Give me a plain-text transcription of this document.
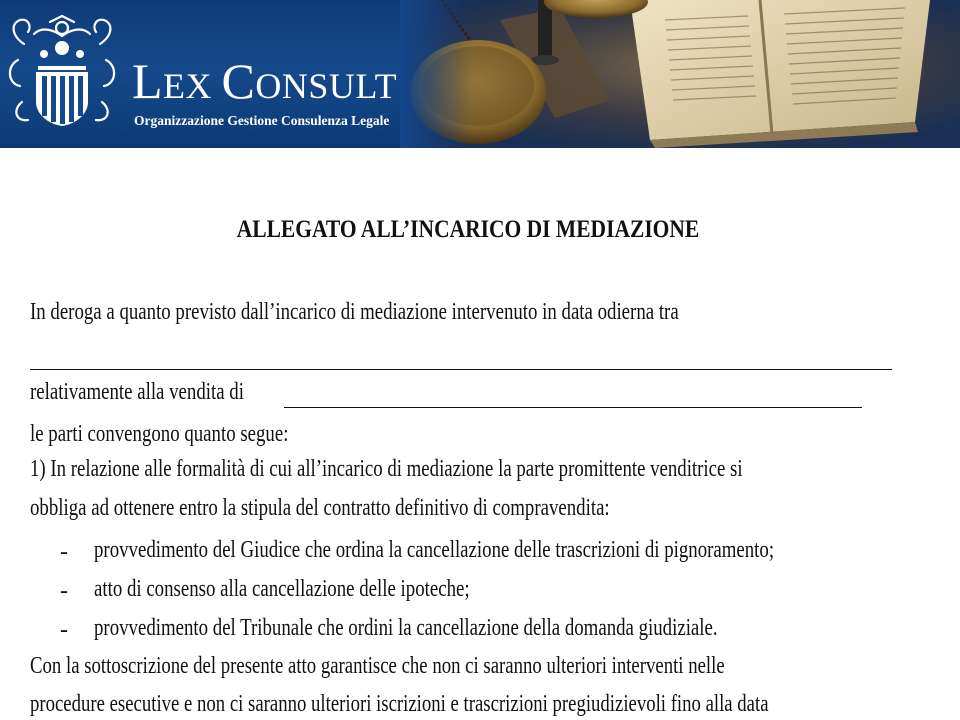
LEX CONSULT
Organizzazione Gestione Consulenza Legale
ALLEGATO ALL’INCARICO DI MEDIAZIONE
In deroga a quanto previsto dall’incarico di mediazione intervenuto in data odierna tra
relativamente alla vendita di
le parti convengono quanto segue:
1) In relazione alle formalità di cui all’incarico di mediazione la parte promittente venditrice si
obbliga ad ottenere entro la stipula del contratto definitivo di compravendita:
- provvedimento del Giudice che ordina la cancellazione delle trascrizioni di pignoramento;
- atto di consenso alla cancellazione delle ipoteche;
- provvedimento del Tribunale che ordini la cancellazione della domanda giudiziale.
Con la sottoscrizione del presente atto garantisce che non ci saranno ulteriori interventi nelle
procedure esecutive e non ci saranno ulteriori iscrizioni e trascrizioni pregiudizievoli fino alla data
